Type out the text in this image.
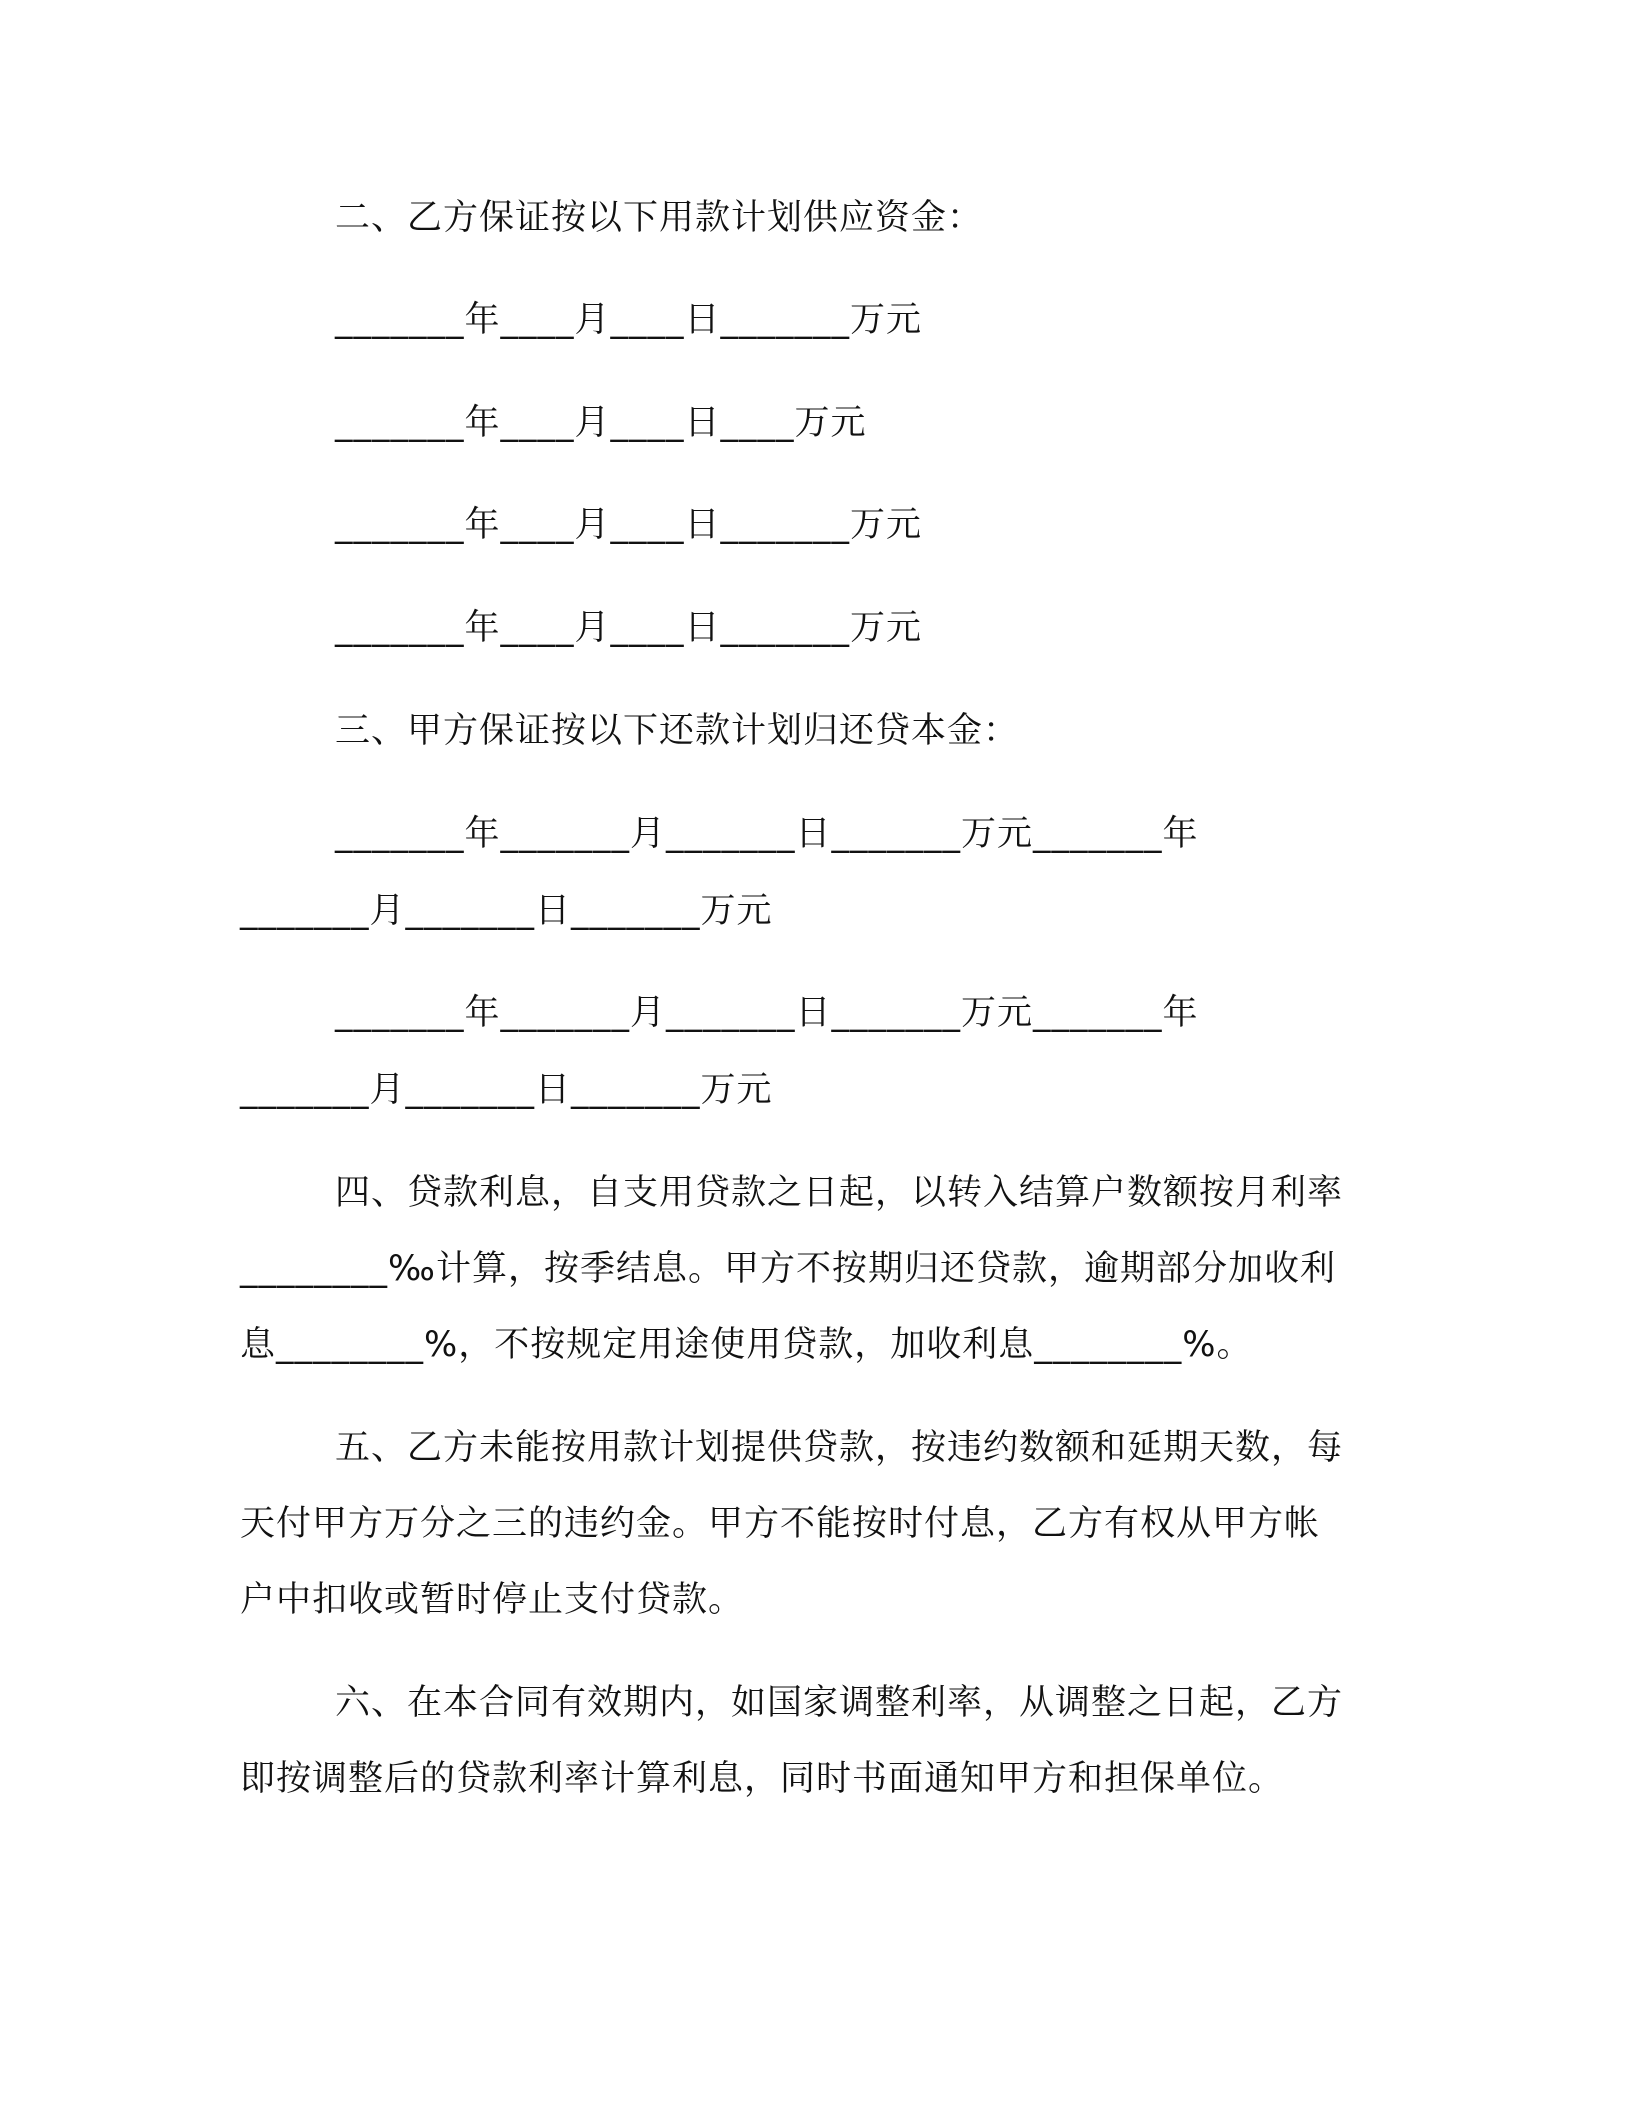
二、乙方保证按以下用款计划供应资金：
_______年____月____日_______万元
_______年____月____日____万元
_______年____月____日_______万元
_______年____月____日_______万元
三、甲方保证按以下还款计划归还贷本金：
_______年_______月_______日_______万元_______年
_______月_______日_______万元
_______年_______月_______日_______万元_______年
_______月_______日_______万元
四、贷款利息，自支用贷款之日起，以转入结算户数额按月利率
________‰计算，按季结息。甲方不按期归还贷款，逾期部分加收利
息________%，不按规定用途使用贷款，加收利息________%。
五、乙方未能按用款计划提供贷款，按违约数额和延期天数，每
天付甲方万分之三的违约金。甲方不能按时付息，乙方有权从甲方帐
户中扣收或暂时停止支付贷款。
六、在本合同有效期内，如国家调整利率，从调整之日起，乙方
即按调整后的贷款利率计算利息，同时书面通知甲方和担保单位。
